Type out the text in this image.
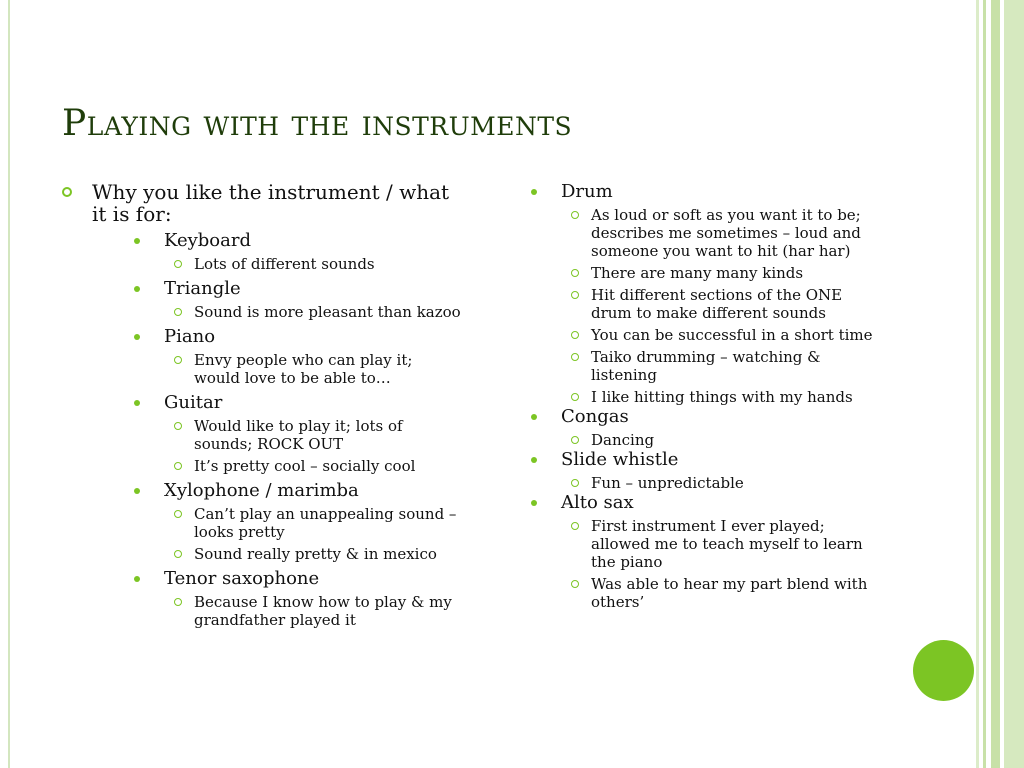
Playing with the instruments
Why you like the instrument / what it is for:
Keyboard
Lots of different sounds
Triangle
Sound is more pleasant than kazoo
Piano
Envy people who can play it; would love to be able to…
Guitar
Would like to play it; lots of sounds; ROCK OUT
It’s pretty cool – socially cool
Xylophone / marimba
Can’t play an unappealing sound – looks pretty
Sound really pretty & in mexico
Tenor saxophone
Because I know how to play & my grandfather played it
Drum
As loud or soft as you want it to be; describes me sometimes – loud and someone you want to hit (har har)
There are many many kinds
Hit different sections of the ONE drum to make different sounds
You can be successful in a short time
Taiko drumming – watching & listening
I like hitting things with my hands
Congas
Dancing
Slide whistle
Fun – unpredictable
Alto sax
First instrument I ever played; allowed me to teach myself to learn the piano
Was able to hear my part blend with others’
